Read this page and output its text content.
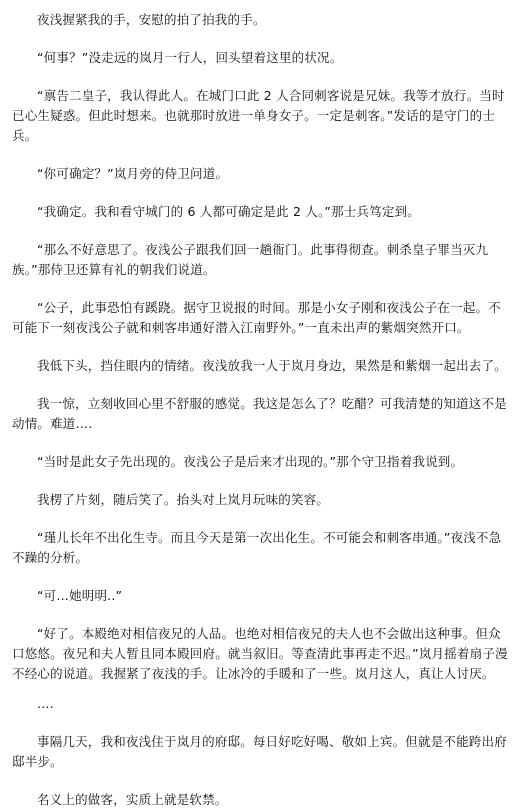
夜浅握紧我的手，安慰的拍了拍我的手。

“何事？”没走远的岚月一行人，回头望着这里的状况。

“禀告二皇子，我认得此人。在城门口此 2 人合同刺客说是兄妹。我等才放行。当时已心生疑惑。但此时想来。也就那时放进一单身女子。一定是刺客。”发话的是守门的士兵。

“你可确定？”岚月旁的侍卫问道。

“我确定。我和看守城门的 6 人都可确定是此 2 人。”那士兵笃定到。

“那么不好意思了。夜浅公子跟我们回一趟衙门。此事得彻查。刺杀皇子罪当灭九族。”那侍卫还算有礼的朝我们说道。

“公子，此事恐怕有蹊跷。据守卫说报的时间。那是小女子刚和夜浅公子在一起。不可能下一刻夜浅公子就和刺客串通好潜入江南野外。”一直未出声的紫烟突然开口。

我低下头，挡住眼内的情绪。夜浅放我一人于岚月身边，果然是和紫烟一起出去了。

我一惊，立刻收回心里不舒服的感觉。我这是怎么了？吃醋？可我清楚的知道这不是动情。难道….

“当时是此女子先出现的。夜浅公子是后来才出现的。”那个守卫指着我说到。

我楞了片刻，随后笑了。抬头对上岚月玩味的笑容。

“瑾儿长年不出化生寺。而且今天是第一次出化生。不可能会和刺客串通。”夜浅不急不躁的分析。

“可…她明明..”

“好了。本殿绝对相信夜兄的人品。也绝对相信夜兄的夫人也不会做出这种事。但众口悠悠。夜兄和夫人暂且同本殿回府。就当叙旧。等查清此事再走不迟。”岚月摇着扇子漫不经心的说道。我握紧了夜浅的手。让冰冷的手暖和了一些。岚月这人，真让人讨厌。

….

事隔几天，我和夜浅住于岚月的府邸。每日好吃好喝、敬如上宾。但就是不能跨出府邸半步。

名义上的做客，实质上就是软禁。
